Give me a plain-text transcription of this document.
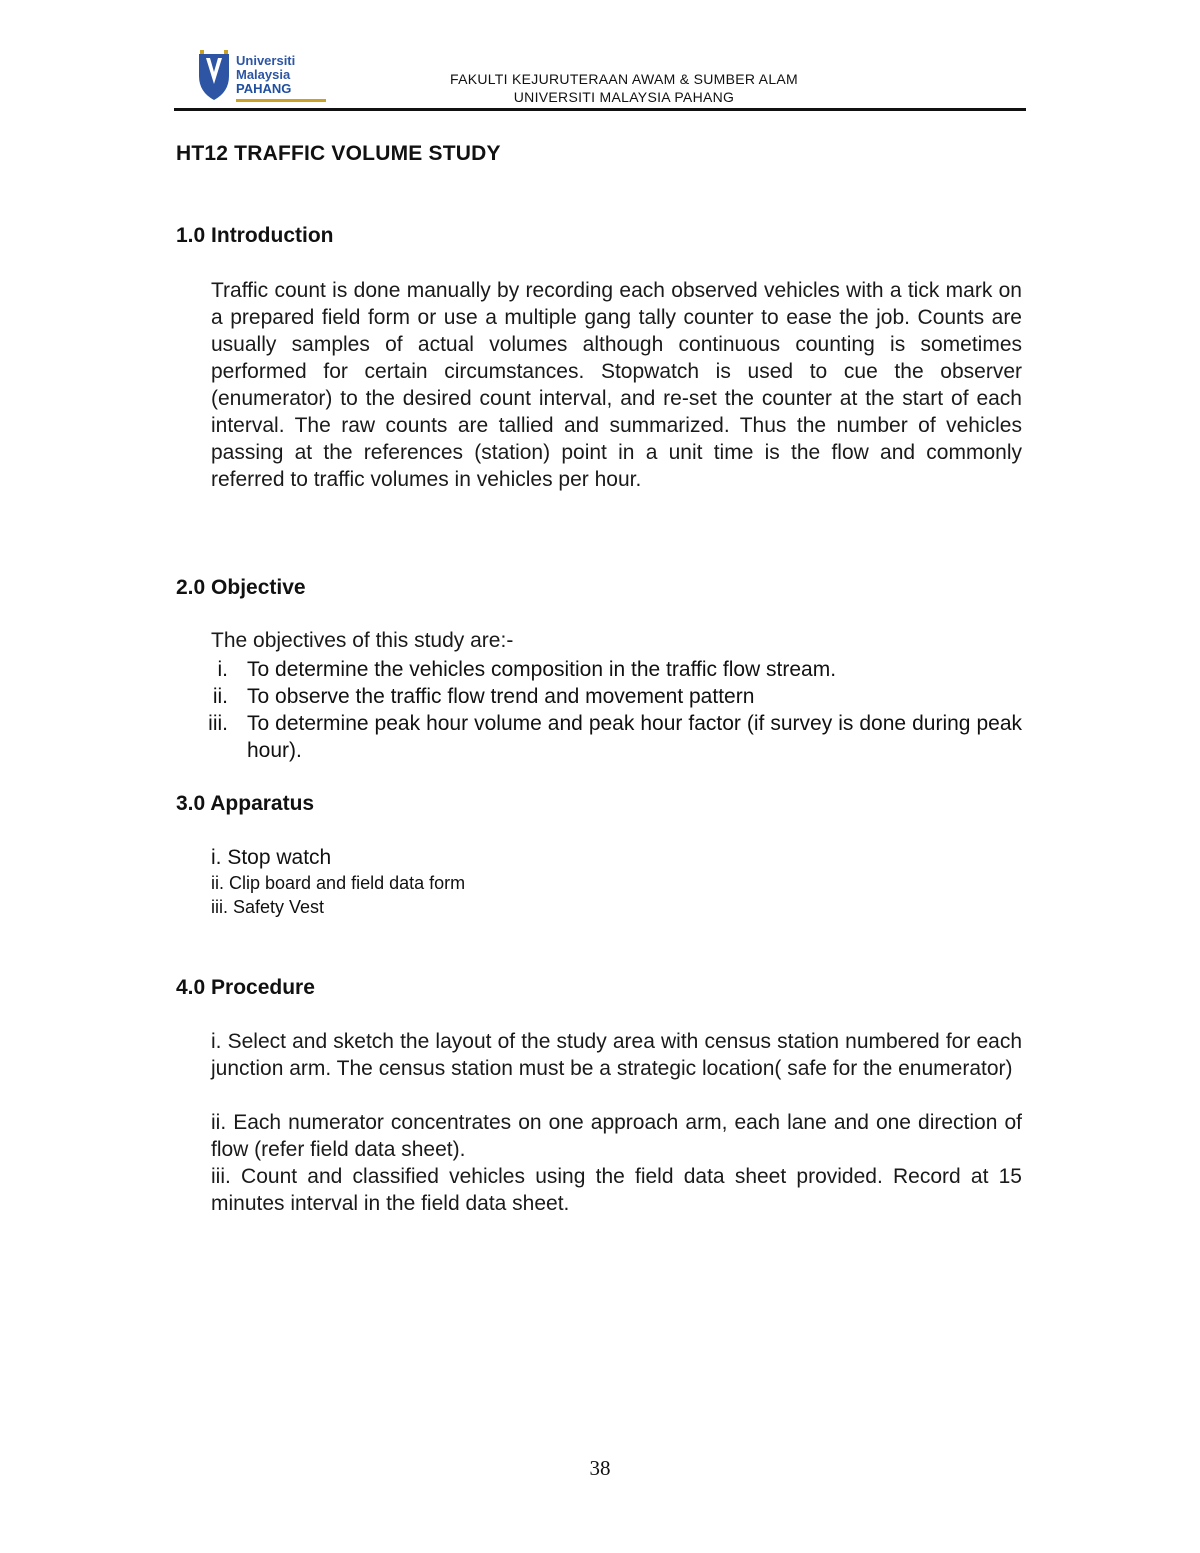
Universiti
Malaysia
PAHANG
FAKULTI KEJURUTERAAN AWAM & SUMBER ALAM
UNIVERSITI MALAYSIA PAHANG
HT12 TRAFFIC VOLUME STUDY
1.0 Introduction
Traffic count is done manually by recording each observed vehicles with a tick mark on a prepared field form or use a multiple gang tally counter to ease the job. Counts are usually samples of actual volumes although continuous counting is sometimes performed for certain circumstances. Stopwatch is used to cue the observer (enumerator) to the desired count interval, and re-set the counter at the start of each interval. The raw counts are tallied and summarized. Thus the number of vehicles passing at the references (station) point in a unit time is the flow and commonly referred to traffic volumes in vehicles per hour.
2.0 Objective
The objectives of this study are:-
i. To determine the vehicles composition in the traffic flow stream.
ii. To observe the traffic flow trend and movement pattern
iii. To determine peak hour volume and peak hour factor (if survey is done during peak hour).
3.0 Apparatus
i. Stop watch
ii. Clip board and field data form
iii. Safety Vest
4.0 Procedure
i. Select and sketch the layout of the study area with census station numbered for each junction arm. The census station must be a strategic location( safe for the enumerator)
ii. Each numerator concentrates on one approach arm, each lane and one direction of flow (refer field data sheet).
iii. Count and classified vehicles using the field data sheet provided. Record at 15 minutes interval in the field data sheet.
38
